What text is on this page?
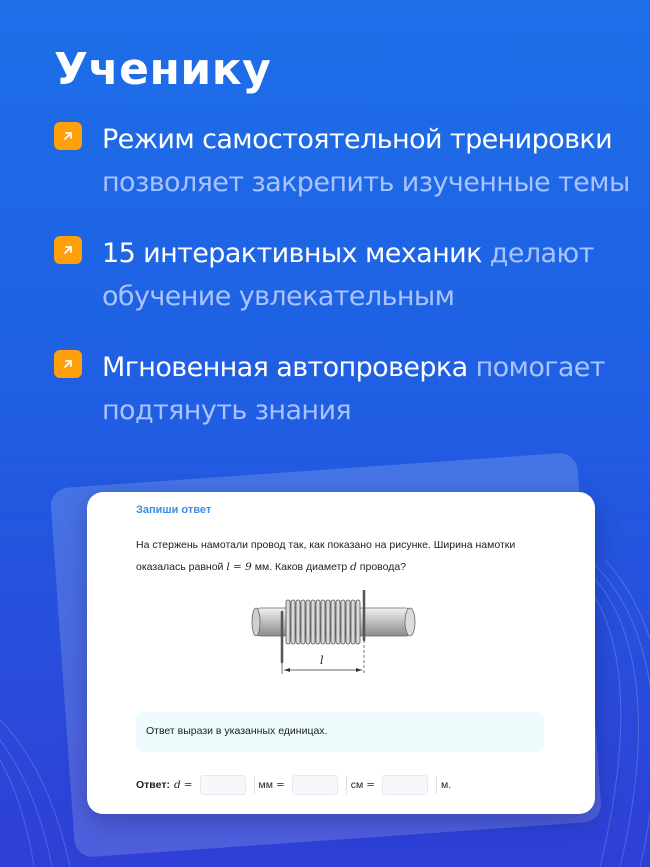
Ученику
Режим самостоятельной тренировки позволяет закрепить изученные темы
15 интерактивных механик делают обучение увлекательным
Мгновенная автопроверка помогает подтянуть знания
Запиши ответ
На стержень намотали провод так, как показано на рисунке. Ширина намотки оказалась равной l = 9 мм. Каков диаметр d провода?
l
Ответ вырази в указанных единицах.
Ответ: d =	мм =	см =	м.
